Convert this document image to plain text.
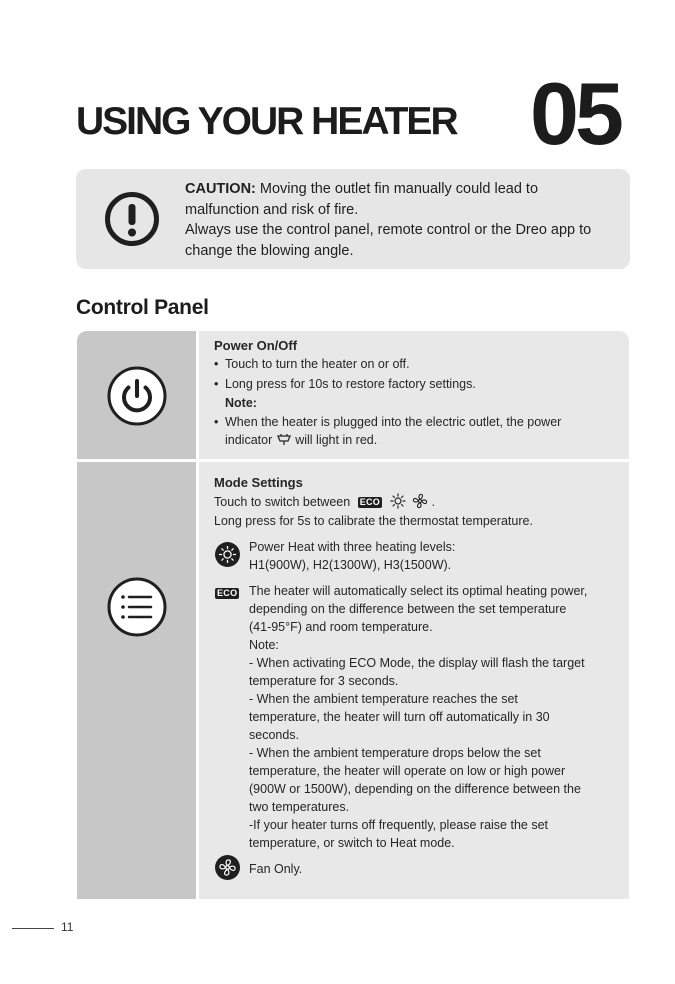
USING YOUR HEATER 05

CAUTION: Moving the outlet fin manually could lead to

malfunction and risk of fire.

Always use the control panel, remote control or the Dreo app to

change the blowing angle.

Control Panel
Power On/Off
• Touch to turn the heater on or off.
• Long press for 10s to restore factory settings.
Note:
• When the heater is plugged into the electric outlet, the power
indicator  will light in red.
Mode Settings
Touch to switch between ECO	.
Long press for 5s to calibrate the thermostat temperature.
Power Heat with three heating levels:
H1(900W), H2(1300W), H3(1500W).
ECO The heater will automatically select its optimal heating power,
depending on the difference between the set temperature
(41-95°F) and room temperature.
Note:
- When activating ECO Mode, the display will flash the target
temperature for 3 seconds.
- When the ambient temperature reaches the set
temperature, the heater will turn off automatically in 30
seconds.
- When the ambient temperature drops below the set
temperature, the heater will operate on low or high power
(900W or 1500W), depending on the difference between the
two temperatures.
-If your heater turns off frequently, please raise the set
temperature, or switch to Heat mode.
Fan Only.
11
